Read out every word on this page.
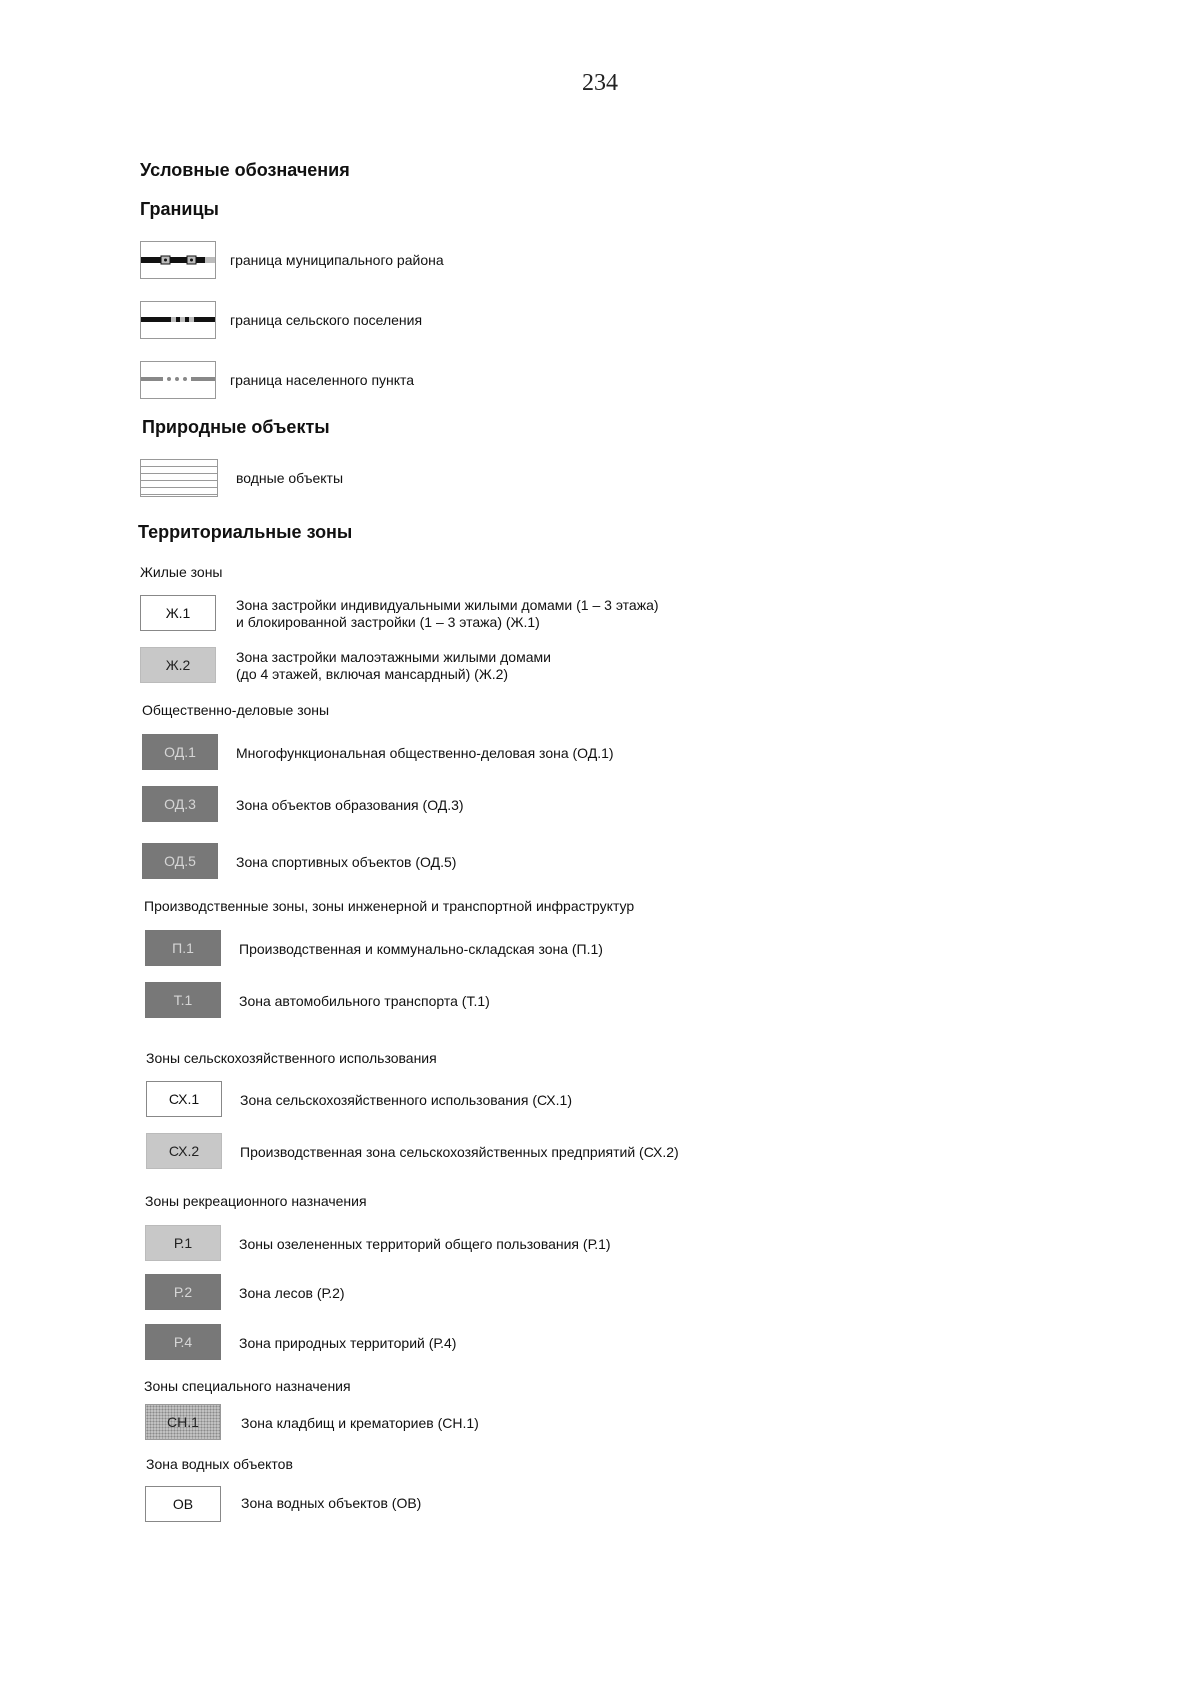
234
Условные обозначения
Границы
граница муниципального района
граница сельского поселения
граница населенного пункта
Природные объекты
водные объекты
Территориальные зоны
Жилые зоны
Ж.1	Зона застройки индивидуальными жилыми домами (1 – 3 этажа)
и блокированной застройки (1 – 3 этажа) (Ж.1)
Ж.2	Зона застройки малоэтажными жилыми домами
(до 4 этажей, включая мансардный) (Ж.2)
Общественно-деловые зоны
ОД.1	Многофункциональная общественно-деловая зона (ОД.1)
ОД.3	Зона объектов образования (ОД.3)
ОД.5	Зона спортивных объектов (ОД.5)
Производственные зоны, зоны инженерной и транспортной инфраструктур
П.1	Производственная и коммунально-складская зона (П.1)
Т.1	Зона автомобильного транспорта (Т.1)
Зоны сельскохозяйственного использования
СХ.1	Зона сельскохозяйственного использования (СХ.1)
СХ.2	Производственная зона сельскохозяйственных предприятий (СХ.2)
Зоны рекреационного назначения
Р.1	Зоны озелененных территорий общего пользования (Р.1)
Р.2	Зона лесов (Р.2)
Р.4	Зона природных территорий (Р.4)
Зоны специального назначения
СН.1	Зона кладбищ и крематориев (СН.1)
Зона водных объектов
ОВ	Зона водных объектов (ОВ)
